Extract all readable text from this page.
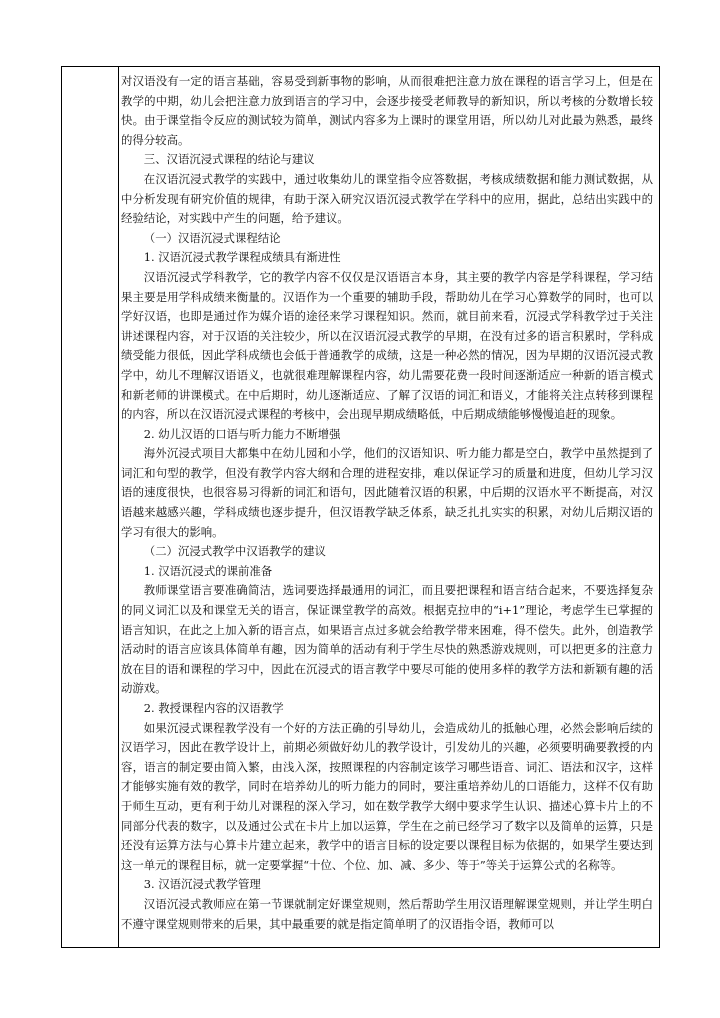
对汉语没有一定的语言基础，容易受到新事物的影响，从而很难把注意力放在课程的语言学习上，但是在教学的中期，幼儿会把注意力放到语言的学习中，会逐步接受老师教导的新知识，所以考核的分数增长较快。由于课堂指令反应的测试较为简单，测试内容多为上课时的课堂用语，所以幼儿对此最为熟悉，最终的得分较高。

三、汉语沉浸式课程的结论与建议

在汉语沉浸式教学的实践中，通过收集幼儿的课堂指令应答数据，考核成绩数据和能力测试数据，从中分析发现有研究价值的规律，有助于深入研究汉语沉浸式教学在学科中的应用，据此，总结出实践中的经验结论，对实践中产生的问题，给予建议。

（一）汉语沉浸式课程结论

1. 汉语沉浸式教学课程成绩具有渐进性

汉语沉浸式学科教学，它的教学内容不仅仅是汉语语言本身，其主要的教学内容是学科课程，学习结果主要是用学科成绩来衡量的。汉语作为一个重要的辅助手段，帮助幼儿在学习心算数学的同时，也可以学好汉语，也即是通过作为媒介语的途径来学习课程知识。然而，就目前来看，沉浸式学科教学过于关注讲述课程内容，对于汉语的关注较少，所以在汉语沉浸式教学的早期，在没有过多的语言积累时，学科成绩受能力很低，因此学科成绩也会低于普通教学的成绩，这是一种必然的情况，因为早期的汉语沉浸式教学中，幼儿不理解汉语语义，也就很难理解课程内容，幼儿需要花费一段时间逐渐适应一种新的语言模式和新老师的讲课模式。在中后期时，幼儿逐渐适应、了解了汉语的词汇和语义，才能将关注点转移到课程的内容，所以在汉语沉浸式课程的考核中，会出现早期成绩略低，中后期成绩能够慢慢追赶的现象。

2. 幼儿汉语的口语与听力能力不断增强

海外沉浸式项目大都集中在幼儿园和小学，他们的汉语知识、听力能力都是空白，教学中虽然提到了词汇和句型的教学，但没有教学内容大纲和合理的进程安排，难以保证学习的质量和进度，但幼儿学习汉语的速度很快，也很容易习得新的词汇和语句，因此随着汉语的积累，中后期的汉语水平不断提高，对汉语越来越感兴趣，学科成绩也逐步提升，但汉语教学缺乏体系，缺乏扎扎实实的积累，对幼儿后期汉语的学习有很大的影响。

（二）沉浸式教学中汉语教学的建议

1. 汉语沉浸式的课前准备

教师课堂语言要准确简洁，选词要选择最通用的词汇，而且要把课程和语言结合起来，不要选择复杂的同义词汇以及和课堂无关的语言，保证课堂教学的高效。根据克拉申的“i+1”理论，考虑学生已掌握的语言知识，在此之上加入新的语言点，如果语言点过多就会给教学带来困难，得不偿失。此外，创造教学活动时的语言应该具体简单有趣，因为简单的活动有利于学生尽快的熟悉游戏规则，可以把更多的注意力放在目的语和课程的学习中，因此在沉浸式的语言教学中要尽可能的使用多样的教学方法和新颖有趣的活动游戏。

2. 教授课程内容的汉语教学

如果沉浸式课程教学没有一个好的方法正确的引导幼儿，会造成幼儿的抵触心理，必然会影响后续的汉语学习，因此在教学设计上，前期必须做好幼儿的教学设计，引发幼儿的兴趣，必须要明确要教授的内容，语言的制定要由简入繁，由浅入深，按照课程的内容制定该学习哪些语音、词汇、语法和汉字，这样才能够实施有效的教学，同时在培养幼儿的听力能力的同时，要注重培养幼儿的口语能力，这样不仅有助于师生互动，更有利于幼儿对课程的深入学习，如在数学教学大纲中要求学生认识、描述心算卡片上的不同部分代表的数字，以及通过公式在卡片上加以运算，学生在之前已经学习了数字以及简单的运算，只是还没有运算方法与心算卡片建立起来，教学中的语言目标的设定要以课程目标为依据的，如果学生要达到这一单元的课程目标，就一定要掌握“十位、个位、加、减、多少、等于”等关于运算公式的名称等。

3. 汉语沉浸式教学管理

汉语沉浸式教师应在第一节课就制定好课堂规则，然后帮助学生用汉语理解课堂规则，并让学生明白不遵守课堂规则带来的后果，其中最重要的就是指定简单明了的汉语指令语，教师可以
